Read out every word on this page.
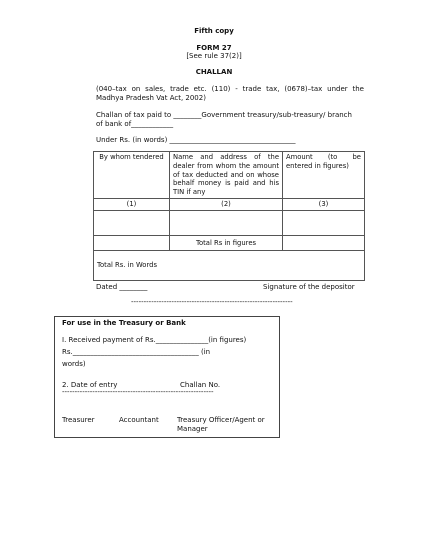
Fifth copy
FORM 27
[See rule 37(2)]
CHALLAN
(040–tax on sales, trade etc. (110) - trade tax, (0678)–tax under the Madhya Pradesh Vat Act, 2002)
Challan of tax paid to ________Government treasury/sub-treasury/ branch
of bank of____________
Under Rs. (in words) ____________________________________
By whom tendered	Name and address of the dealer from whom the amount of tax deducted and on whose behalf money is paid and his TIN if any	Amount (to be entered in figures)
(1)	(2)	(3)

	Total Rs in figures	
Total Rs. in Words		
Dated ________	Signature of the depositor
----------------------------------------------------------------
For use in the Treasury or Bank
I. Received payment of Rs._______________(in figures)
Rs.____________________________________ (in
words)
2. Date of entry	Challan No.
------------------------------------------------------------
Treasurer	Accountant	Treasury Officer/Agent or
Manager
